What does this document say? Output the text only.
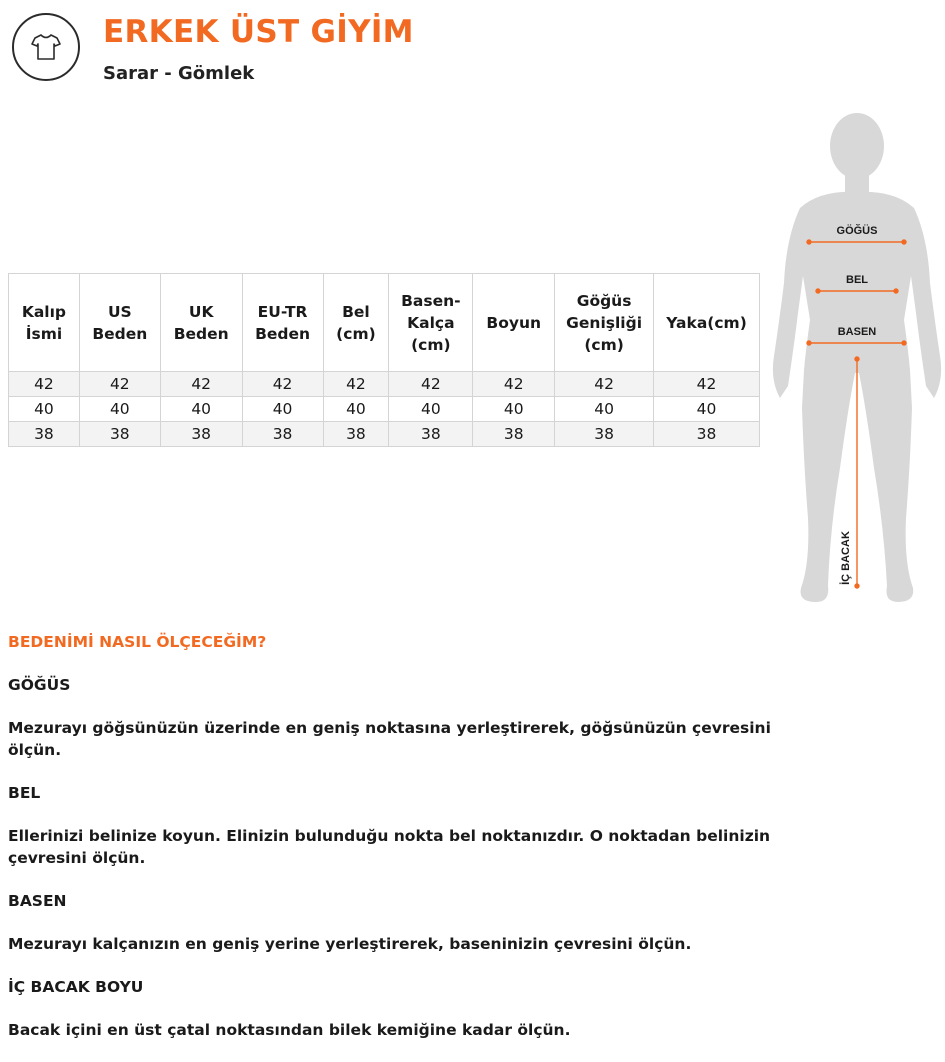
ERKEK ÜST GİYİM
Sarar - Gömlek
Kalıp İsmi	US Beden	UK Beden	EU-TR Beden	Bel (cm)	Basen-Kalça (cm)	Boyun	Göğüs Genişliği (cm)	Yaka(cm)
42	42	42	42	42	42	42	42	42
40	40	40	40	40	40	40	40	40
38	38	38	38	38	38	38	38	38
GÖĞÜS
BEL
BASEN
İÇ BACAK

BEDENİMİ NASIL ÖLÇECEĞİM?

GÖĞÜS

Mezurayı göğsünüzün üzerinde en geniş noktasına yerleştirerek, göğsünüzün çevresini ölçün.

BEL

Ellerinizi belinize koyun. Elinizin bulunduğu nokta bel noktanızdır. O noktadan belinizin çevresini ölçün.

BASEN

Mezurayı kalçanızın en geniş yerine yerleştirerek, baseninizin çevresini ölçün.

İÇ BACAK BOYU

Bacak içini en üst çatal noktasından bilek kemiğine kadar ölçün.
